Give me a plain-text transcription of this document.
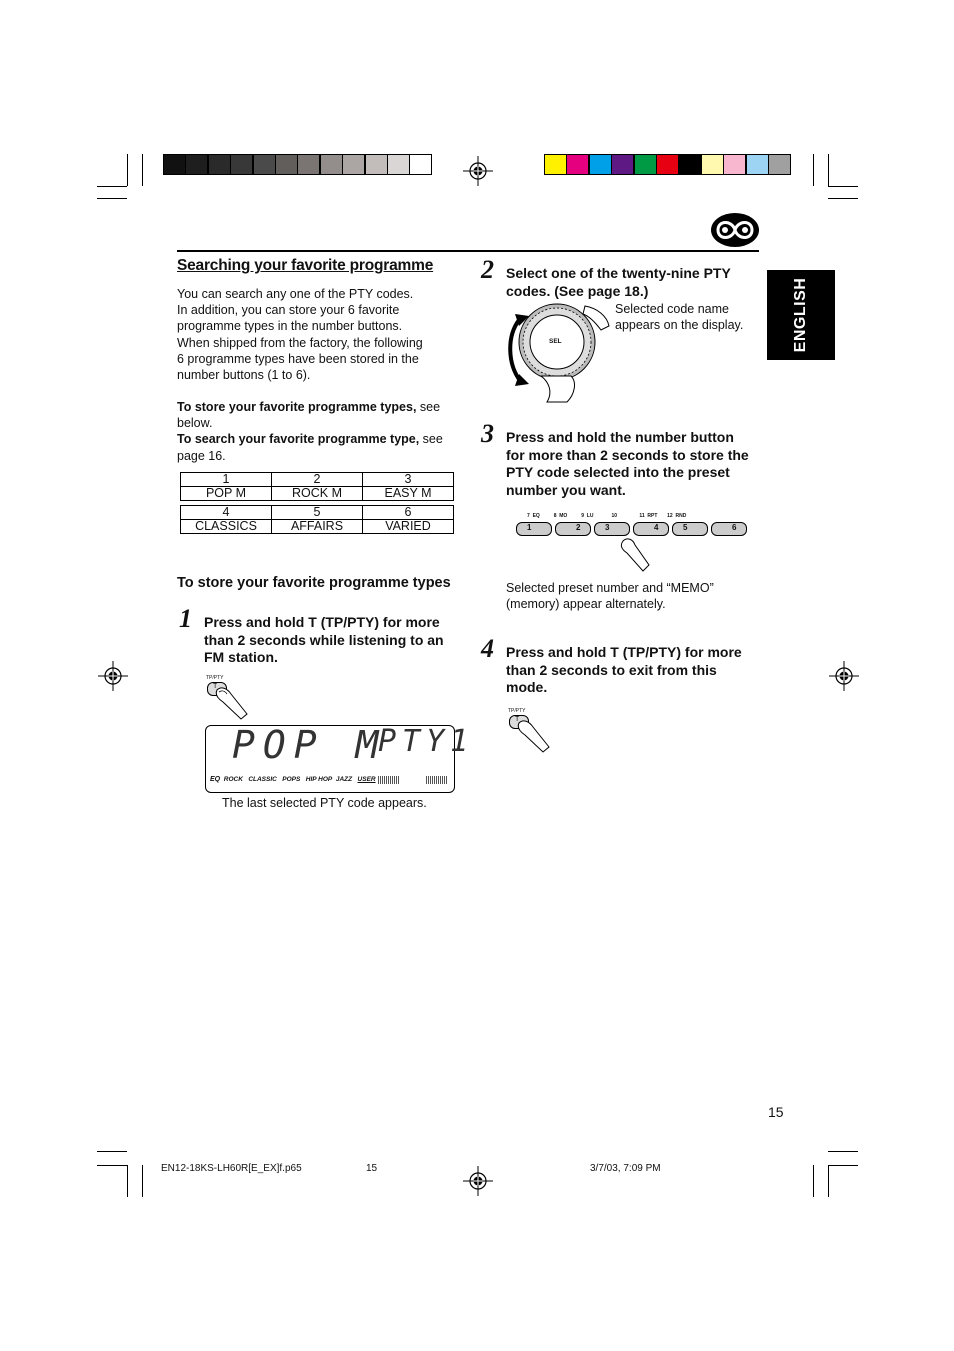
ENGLISH
Searching your favorite programme
You can search any one of the PTY codes.
In addition, you can store your 6 favorite
programme types in the number buttons.
When shipped from the factory, the following
6 programme types have been stored in the
number buttons (1 to 6).
To store your favorite programme types, see
below.
To search your favorite programme type, see
page 16.
1	2	3
POP M	ROCK M	EASY M
4	5	6
CLASSICS	AFFAIRS	VARIED
To store your favorite programme types
1 Press and hold T (TP/PTY) for more
than 2 seconds while listening to an
FM station.
TP/PTY
T
POP M
PTY1
EQ ROCK CLASSIC POPS HIP HOP JAZZ USER
The last selected PTY code appears.
2 Select one of the twenty-nine PTY
codes. (See page 18.)
SEL
Selected code name
appears on the display.
3 Press and hold the number button
for more than 2 seconds to store the
PTY code selected into the preset
number you want.
7 EQ	8 MO	9 LU	10	11 RPT 12 RND
1	2	3	4	5	6
Selected preset number and “MEMO”
(memory) appear alternately.
4 Press and hold T (TP/PTY) for more
than 2 seconds to exit from this
mode.
TP/PTY
T
15
EN12-18KS-LH60R[E_EX]f.p65	15	3/7/03, 7:09 PM
